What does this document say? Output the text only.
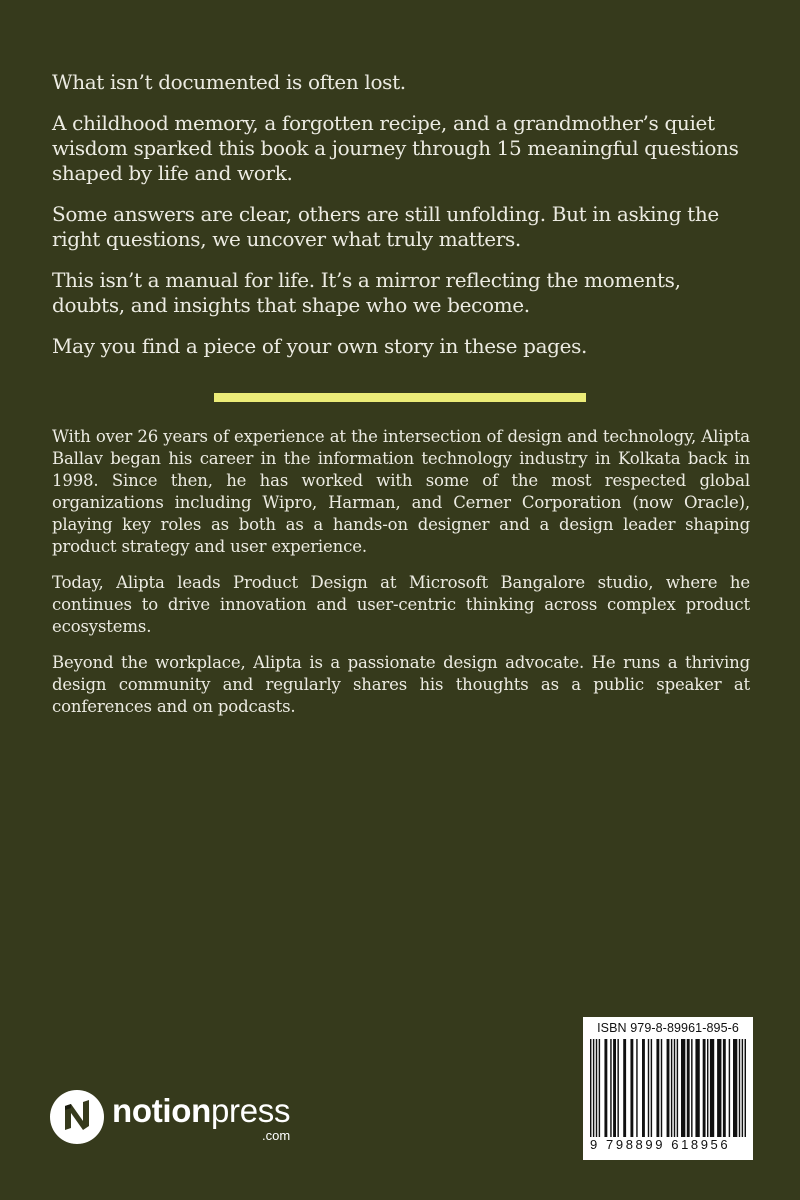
What isn’t documented is often lost.

A childhood memory, a forgotten recipe, and a grandmother’s quiet wisdom sparked this book a journey through 15 meaningful questions shaped by life and work.

Some answers are clear, others are still unfolding. But in asking the right questions, we uncover what truly matters.

This isn’t a manual for life. It’s a mirror reflecting the moments, doubts, and insights that shape who we become.

May you find a piece of your own story in these pages.

With over 26 years of experience at the intersection of design and technology, Alipta Ballav began his career in the information technology industry in Kolkata back in 1998. Since then, he has worked with some of the most respected global organizations including Wipro, Harman, and Cerner Corporation (now Oracle), playing key roles as both as a hands-on designer and a design leader shaping product strategy and user experience.

Today, Alipta leads Product Design at Microsoft Bangalore studio, where he continues to drive innovation and user-centric thinking across complex product ecosystems.

Beyond the workplace, Alipta is a passionate design advocate. He runs a thriving design community and regularly shares his thoughts as a public speaker at conferences and on podcasts.

notionpress
.com
ISBN 979-8-89961-895-6
9 798899 618956
